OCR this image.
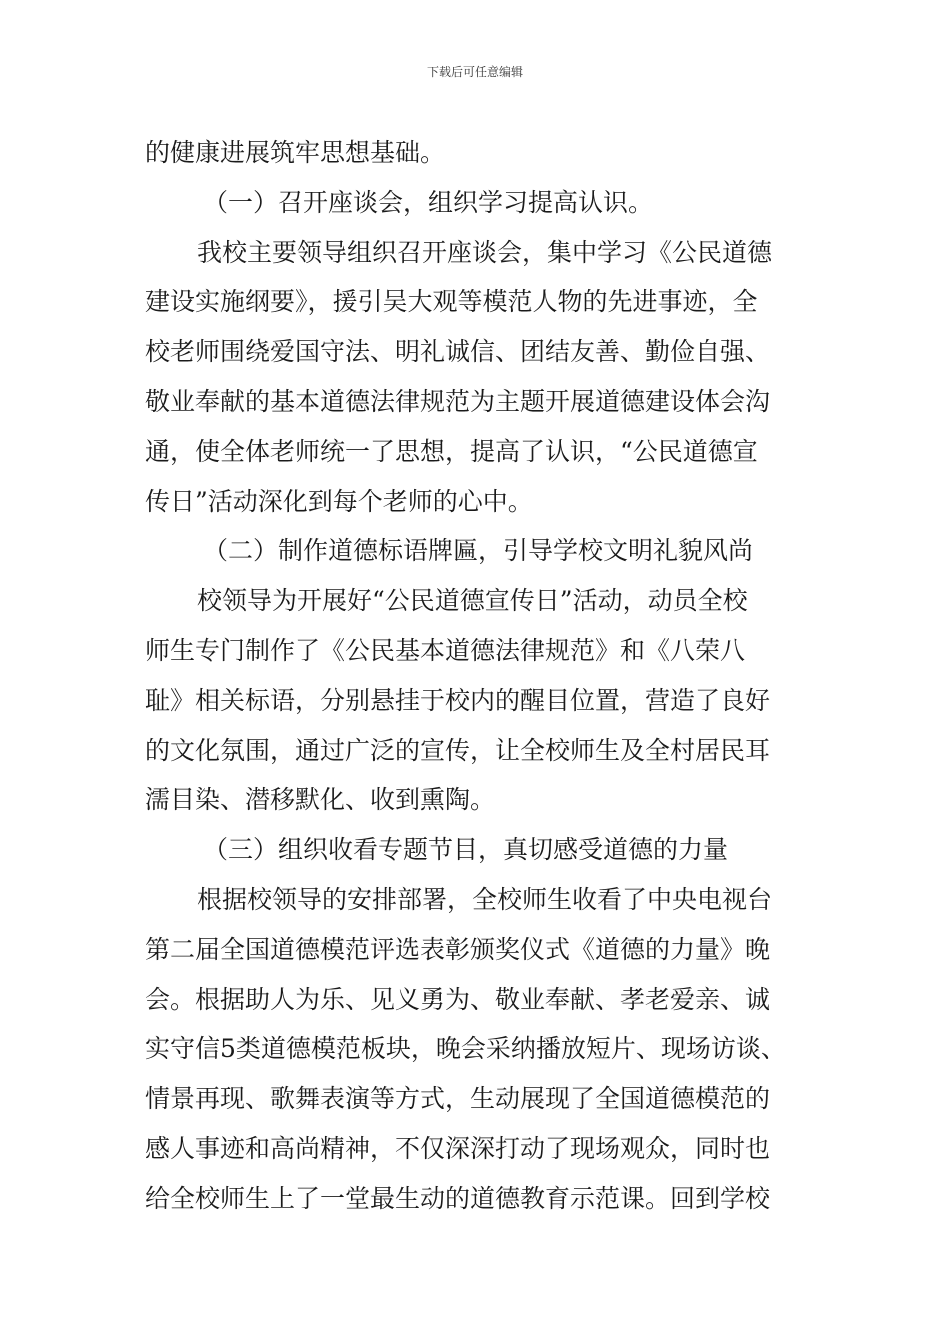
下载后可任意编辑
的健康进展筑牢思想基础。
（一）召开座谈会，组织学习提高认识。
我校主要领导组织召开座谈会，集中学习《公民道德
建设实施纲要》，援引吴大观等模范人物的先进事迹，全
校老师围绕爱国守法、明礼诚信、团结友善、勤俭自强、
敬业奉献的基本道德法律规范为主题开展道德建设体会沟
通，使全体老师统一了思想，提高了认识，“公民道德宣
传日”活动深化到每个老师的心中。
（二）制作道德标语牌匾，引导学校文明礼貌风尚
校领导为开展好“公民道德宣传日”活动，动员全校
师生专门制作了《公民基本道德法律规范》和《八荣八
耻》相关标语，分别悬挂于校内的醒目位置，营造了良好
的文化氛围，通过广泛的宣传，让全校师生及全村居民耳
濡目染、潜移默化、收到熏陶。
（三）组织收看专题节目，真切感受道德的力量
根据校领导的安排部署，全校师生收看了中央电视台
第二届全国道德模范评选表彰颁奖仪式《道德的力量》晚
会。根据助人为乐、见义勇为、敬业奉献、孝老爱亲、诚
实守信5类道德模范板块，晚会采纳播放短片、现场访谈、
情景再现、歌舞表演等方式，生动展现了全国道德模范的
感人事迹和高尚精神，不仅深深打动了现场观众，同时也
给全校师生上了一堂最生动的道德教育示范课。回到学校
